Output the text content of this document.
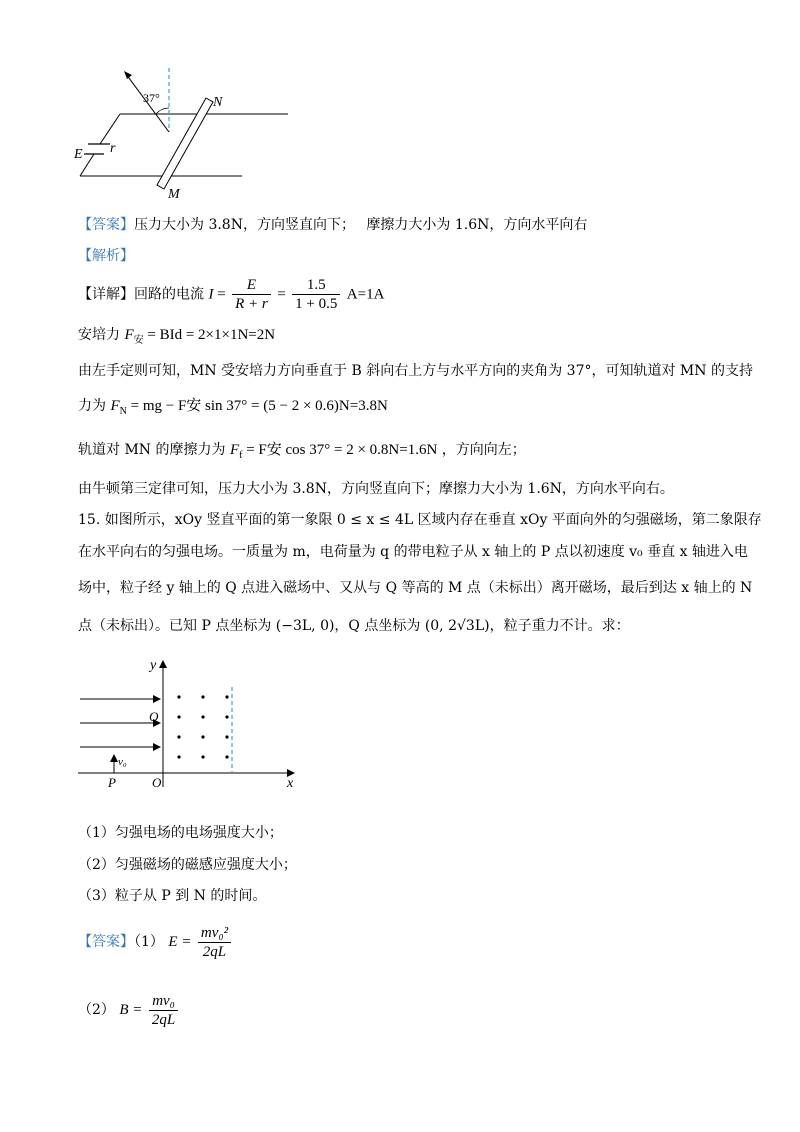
37°	N
M
E r
【答案】压力大小为 3.8N，方向竖直向下；　 摩擦力大小为 1.6N，方向水平向右
【解析】
【详解】回路的电流 $I = \frac{E}{R + r} = \frac{1.5}{1 + 0.5} A=1A$
安培力 $F_安$ = BId = 2×1×1N=2N
由左手定则可知，MN 受安培力方向垂直于 B 斜向右上方与水平方向的夹角为 37°，可知轨道对 MN 的支持
力为 $F_N$ = mg − F安 sin 37° = (5 − 2 × 0.6)N=3.8N
轨道对 MN 的摩擦力为 $F_f = F$安 cos 37° = 2 × 0.8N=1.6N ，方向向左；
由牛顿第三定律可知，压力大小为 3.8N，方向竖直向下；摩擦力大小为 1.6N，方向水平向右。
15. 如图所示，xOy 竖直平面的第一象限 0 ≤ x ≤ 4L 区域内存在垂直 xOy 平面向外的匀强磁场，第二象限存
在水平向右的匀强电场。一质量为 m，电荷量为 q 的带电粒子从 x 轴上的 P 点以初速度 v₀ 垂直 x 轴进入电
场中，粒子经 y 轴上的 Q 点进入磁场中、又从与 Q 等高的 M 点（未标出）离开磁场，最后到达 x 轴上的 N
点（未标出）。已知 P 点坐标为 (−3L, 0)，Q 点坐标为 (0, 2√3L)，粒子重力不计。求：
x
y
O
Q
P
v₀
（1）匀强电场的电场强度大小；
（2）匀强磁场的磁感应强度大小；
（3）粒子从 P 到 N 的时间。
【答案】（1） $E = \frac{\text{mv₀²}}{2qL}$
（2） $B = \frac{\text{mv₀}}{2qL}$
